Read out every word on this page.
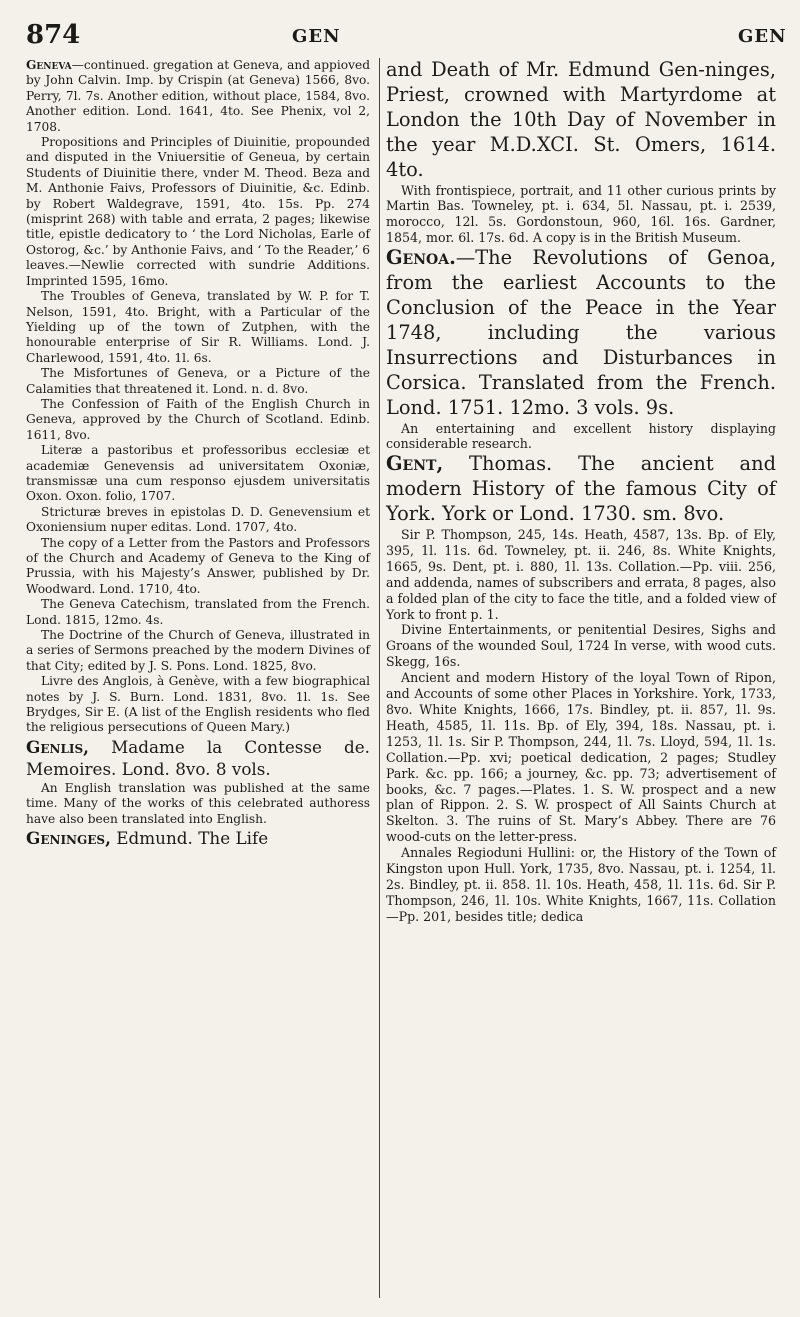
874	GEN	GEN

Geneva—continued. gregation at Geneva, and appioved by John Calvin. Imp. by Crispin (at Geneva) 1566, 8vo. Perry, 7l. 7s. Another edition, without place, 1584, 8vo. Another edition. Lond. 1641, 4to. See Phenix, vol 2, 1708.

Propositions and Principles of Diuinitie, propounded and disputed in the Vniuersitie of Geneua, by certain Students of Diuinitie there, vnder M. Theod. Beza and M. Anthonie Faivs, Professors of Diuinitie, &c. Edinb. by Robert Waldegrave, 1591, 4to. 15s. Pp. 274 (misprint 268) with table and errata, 2 pages; likewise title, epistle dedicatory to ‘ the Lord Nicholas, Earle of Ostorog, &c.’ by Anthonie Faivs, and ‘ To the Reader,’ 6 leaves.—Newlie corrected with sundrie Additions. Imprinted 1595, 16mo.

The Troubles of Geneva, translated by W. P. for T. Nelson, 1591, 4to. Bright, with a Particular of the Yielding up of the town of Zutphen, with the honourable enterprise of Sir R. Williams. Lond. J. Charlewood, 1591, 4to. 1l. 6s.

The Misfortunes of Geneva, or a Picture of the Calamities that threatened it. Lond. n. d. 8vo.

The Confession of Faith of the English Church in Geneva, approved by the Church of Scotland. Edinb. 1611, 8vo.

Literæ a pastoribus et professoribus ecclesiæ et academiæ Genevensis ad universitatem Oxoniæ, transmissæ una cum responso ejusdem universitatis Oxon. Oxon. folio, 1707.

Stricturæ breves in epistolas D. D. Genevensium et Oxoniensium nuper editas. Lond. 1707, 4to.

The copy of a Letter from the Pastors and Professors of the Church and Academy of Geneva to the King of Prussia, with his Majesty’s Answer, published by Dr. Woodward. Lond. 1710, 4to.

The Geneva Catechism, translated from the French. Lond. 1815, 12mo. 4s.

The Doctrine of the Church of Geneva, illustrated in a series of Sermons preached by the modern Divines of that City; edited by J. S. Pons. Lond. 1825, 8vo.

Livre des Anglois, à Genève, with a few biographical notes by J. S. Burn. Lond. 1831, 8vo. 1l. 1s. See Brydges, Sir E. (A list of the English residents who fled the religious persecutions of Queen Mary.)

Genlis, Madame la Contesse de. Memoires. Lond. 8vo. 8 vols.

An English translation was published at the same time. Many of the works of this celebrated authoress have also been translated into English.

Geninges, Edmund. The Life

and Death of Mr. Edmund Gen-ninges, Priest, crowned with Martyrdome at London the 10th Day of November in the year M.D.XCI. St. Omers, 1614. 4to.

With frontispiece, portrait, and 11 other curious prints by Martin Bas. Towneley, pt. i. 634, 5l. Nassau, pt. i. 2539, morocco, 12l. 5s. Gordonstoun, 960, 16l. 16s. Gardner, 1854, mor. 6l. 17s. 6d. A copy is in the British Museum.

Genoa.—The Revolutions of Genoa, from the earliest Accounts to the Conclusion of the Peace in the Year 1748, including the various Insurrections and Disturbances in Corsica. Translated from the French. Lond. 1751. 12mo. 3 vols. 9s.

An entertaining and excellent history displaying considerable research.

Gent, Thomas. The ancient and modern History of the famous City of York. York or Lond. 1730. sm. 8vo.

Sir P. Thompson, 245, 14s. Heath, 4587, 13s. Bp. of Ely, 395, 1l. 11s. 6d. Towneley, pt. ii. 246, 8s. White Knights, 1665, 9s. Dent, pt. i. 880, 1l. 13s. Collation.—Pp. viii. 256, and addenda, names of subscribers and errata, 8 pages, also a folded plan of the city to face the title, and a folded view of York to front p. 1.

Divine Entertainments, or penitential Desires, Sighs and Groans of the wounded Soul, 1724 In verse, with wood cuts. Skegg, 16s.

Ancient and modern History of the loyal Town of Ripon, and Accounts of some other Places in Yorkshire. York, 1733, 8vo. White Knights, 1666, 17s. Bindley, pt. ii. 857, 1l. 9s. Heath, 4585, 1l. 11s. Bp. of Ely, 394, 18s. Nassau, pt. i. 1253, 1l. 1s. Sir P. Thompson, 244, 1l. 7s. Lloyd, 594, 1l. 1s. Collation.—Pp. xvi; poetical dedication, 2 pages; Studley Park. &c. pp. 166; a journey, &c. pp. 73; advertisement of books, &c. 7 pages.—Plates. 1. S. W. prospect and a new plan of Rippon. 2. S. W. prospect of All Saints Church at Skelton. 3. The ruins of St. Mary’s Abbey. There are 76 wood-cuts on the letter-press.

Annales Regioduni Hullini: or, the History of the Town of Kingston upon Hull. York, 1735, 8vo. Nassau, pt. i. 1254, 1l. 2s. Bindley, pt. ii. 858. 1l. 10s. Heath, 458, 1l. 11s. 6d. Sir P. Thompson, 246, 1l. 10s. White Knights, 1667, 11s. Collation—Pp. 201, besides title; dedica
